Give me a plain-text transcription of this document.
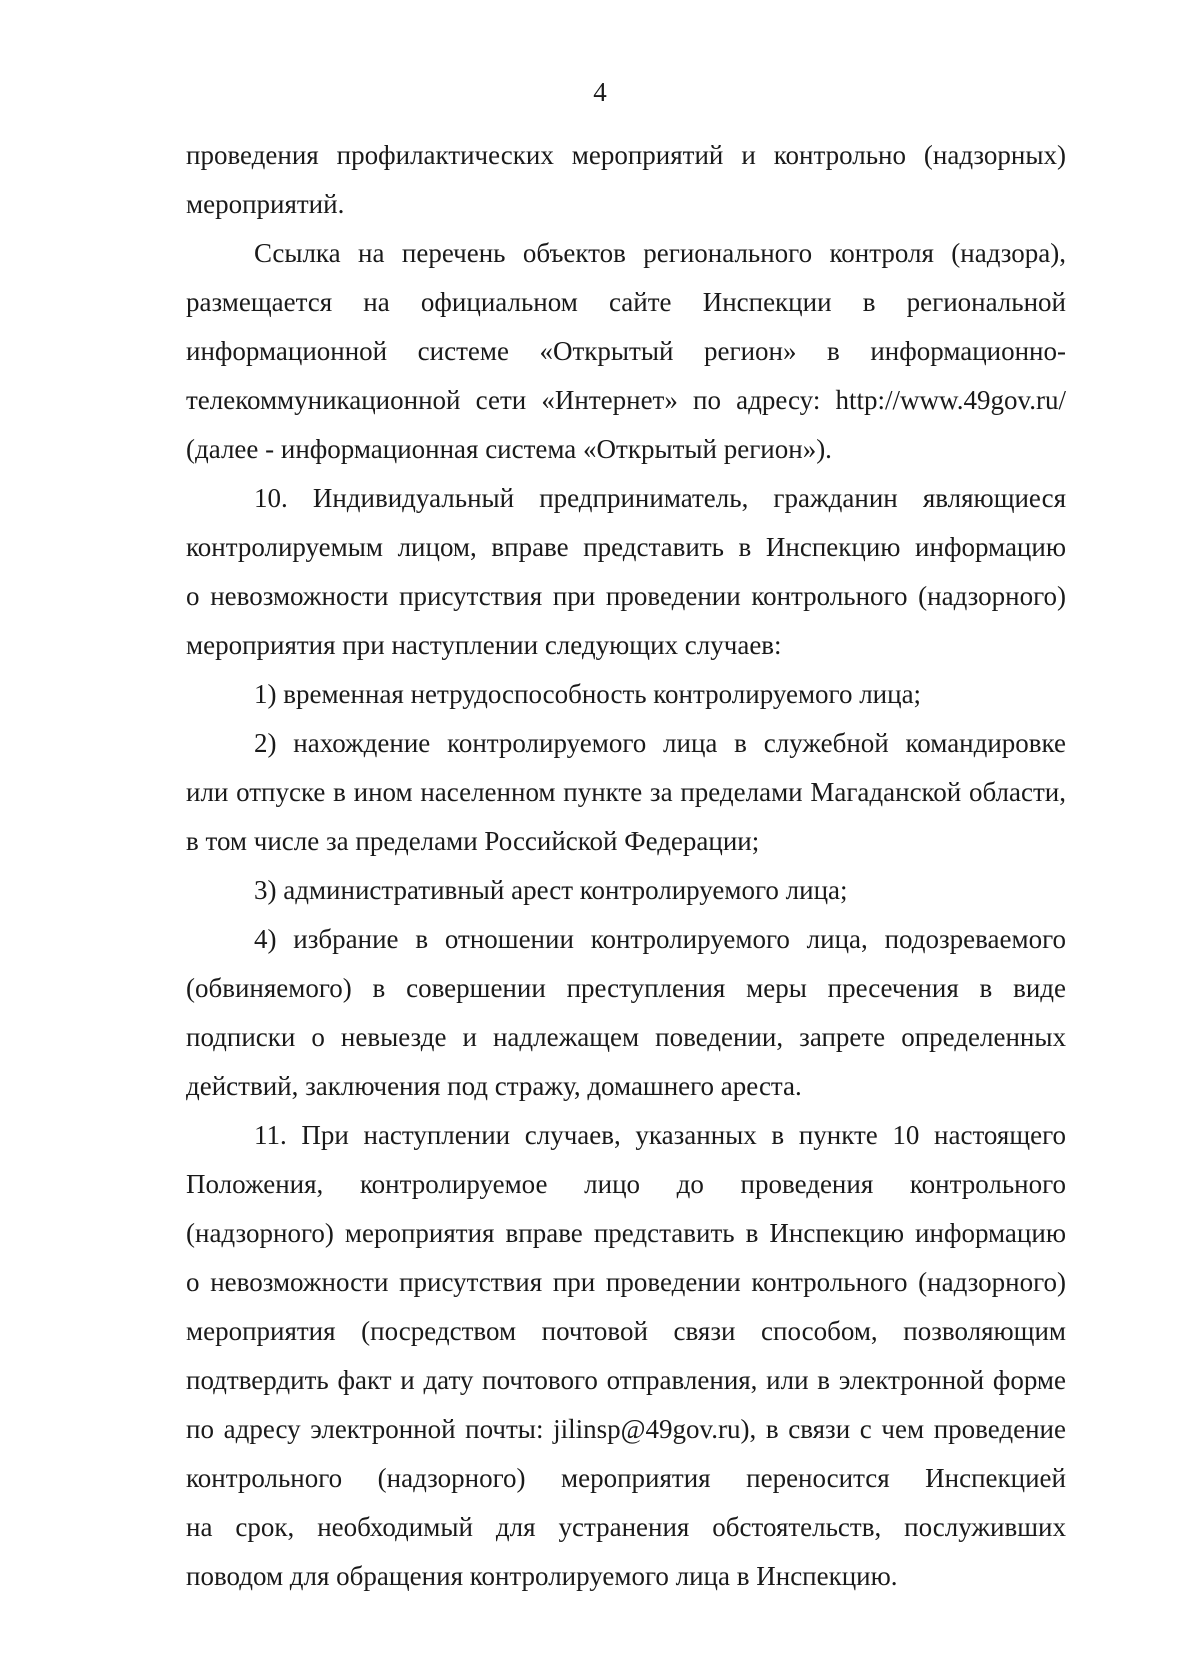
4
проведения профилактических мероприятий и контрольно (надзорных)
мероприятий.
Ссылка на перечень объектов регионального контроля (надзора),
размещается на официальном сайте Инспекции в региональной
информационной системе «Открытый регион» в информационно-
телекоммуникационной сети «Интернет» по адресу: http://www.49gov.ru/
(далее - информационная система «Открытый регион»).
10. Индивидуальный предприниматель, гражданин являющиеся
контролируемым лицом, вправе представить в Инспекцию информацию
о невозможности присутствия при проведении контрольного (надзорного)
мероприятия при наступлении следующих случаев:
1) временная нетрудоспособность контролируемого лица;
2) нахождение контролируемого лица в служебной командировке
или отпуске в ином населенном пункте за пределами Магаданской области,
в том числе за пределами Российской Федерации;
3) административный арест контролируемого лица;
4) избрание в отношении контролируемого лица, подозреваемого
(обвиняемого) в совершении преступления меры пресечения в виде
подписки о невыезде и надлежащем поведении, запрете определенных
действий, заключения под стражу, домашнего ареста.
11. При наступлении случаев, указанных в пункте 10 настоящего
Положения, контролируемое лицо до проведения контрольного
(надзорного) мероприятия вправе представить в Инспекцию информацию
о невозможности присутствия при проведении контрольного (надзорного)
мероприятия (посредством почтовой связи способом, позволяющим
подтвердить факт и дату почтового отправления, или в электронной форме
по адресу электронной почты: jilinsp@49gov.ru), в связи с чем проведение
контрольного (надзорного) мероприятия переносится Инспекцией
на срок, необходимый для устранения обстоятельств, послуживших
поводом для обращения контролируемого лица в Инспекцию.
